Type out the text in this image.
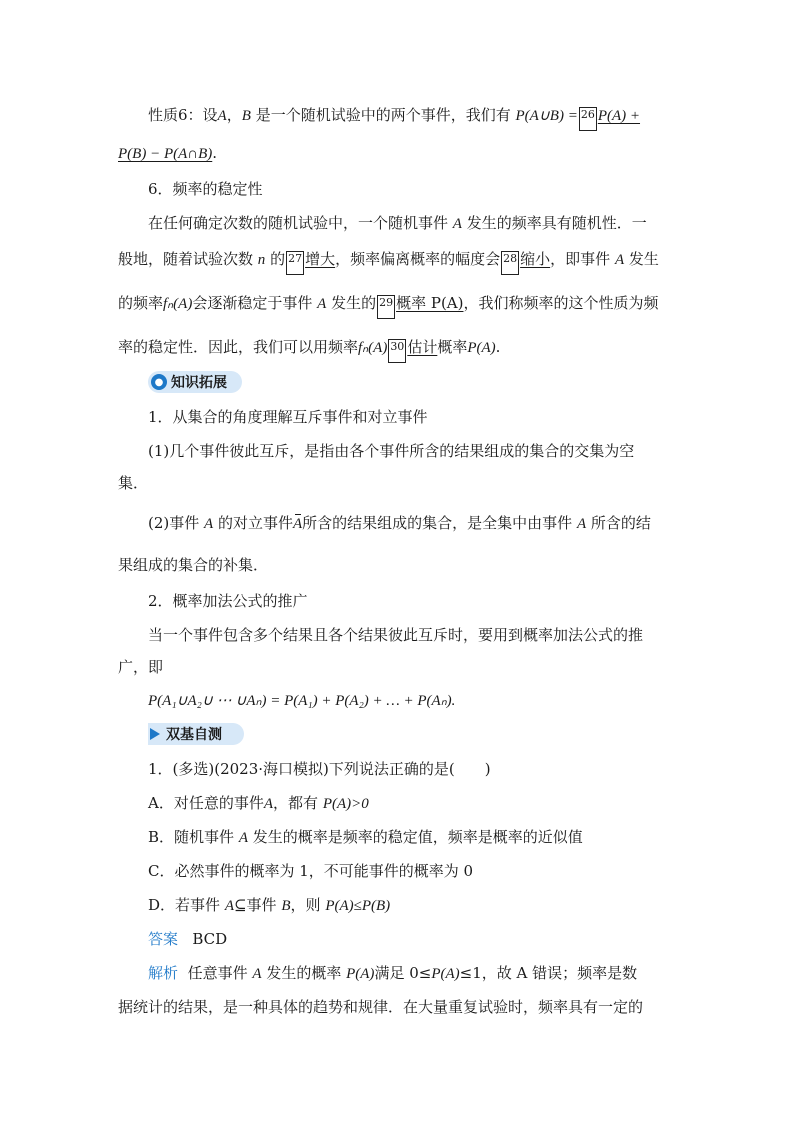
性质6：设A，B 是一个随机试验中的两个事件，我们有 P(A∪B) = 26 P(A) +
P(B) − P(A∩B).
6．频率的稳定性
在任何确定次数的随机试验中，一个随机事件 A 发生的频率具有随机性．一
般地，随着试验次数 n 的 27 增大，频率偏离概率的幅度会 28 缩小，即事件 A 发生
的频率fₙ(A)会逐渐稳定于事件 A 发生的 29 概率 P(A)，我们称频率的这个性质为频
率的稳定性．因此，我们可以用频率fₙ(A) 30 估计概率P(A).
● 知识拓展
1．从集合的角度理解互斥事件和对立事件
(1)几个事件彼此互斥，是指由各个事件所含的结果组成的集合的交集为空
集．
(2)事件 A 的对立事件A所含的结果组成的集合，是全集中由事件 A 所含的结
果组成的集合的补集．
2．概率加法公式的推广
当一个事件包含多个结果且各个结果彼此互斥时，要用到概率加法公式的推
广，即
P(A₁∪A₂∪ ⋯ ∪Aₙ) = P(A₁) + P(A₂) + … + P(Aₙ).
双基自测
1．(多选)(2023·海口模拟)下列说法正确的是(　　)
A．对任意的事件A，都有 P(A)>0
B．随机事件 A 发生的概率是频率的稳定值，频率是概率的近似值
C．必然事件的概率为 1，不可能事件的概率为 0
D．若事件 A⊆事件 B，则 P(A)≤P(B)
答案 BCD
解析 任意事件 A 发生的概率 P(A)满足 0≤P(A)≤1，故 A 错误；频率是数
据统计的结果，是一种具体的趋势和规律．在大量重复试验时，频率具有一定的
